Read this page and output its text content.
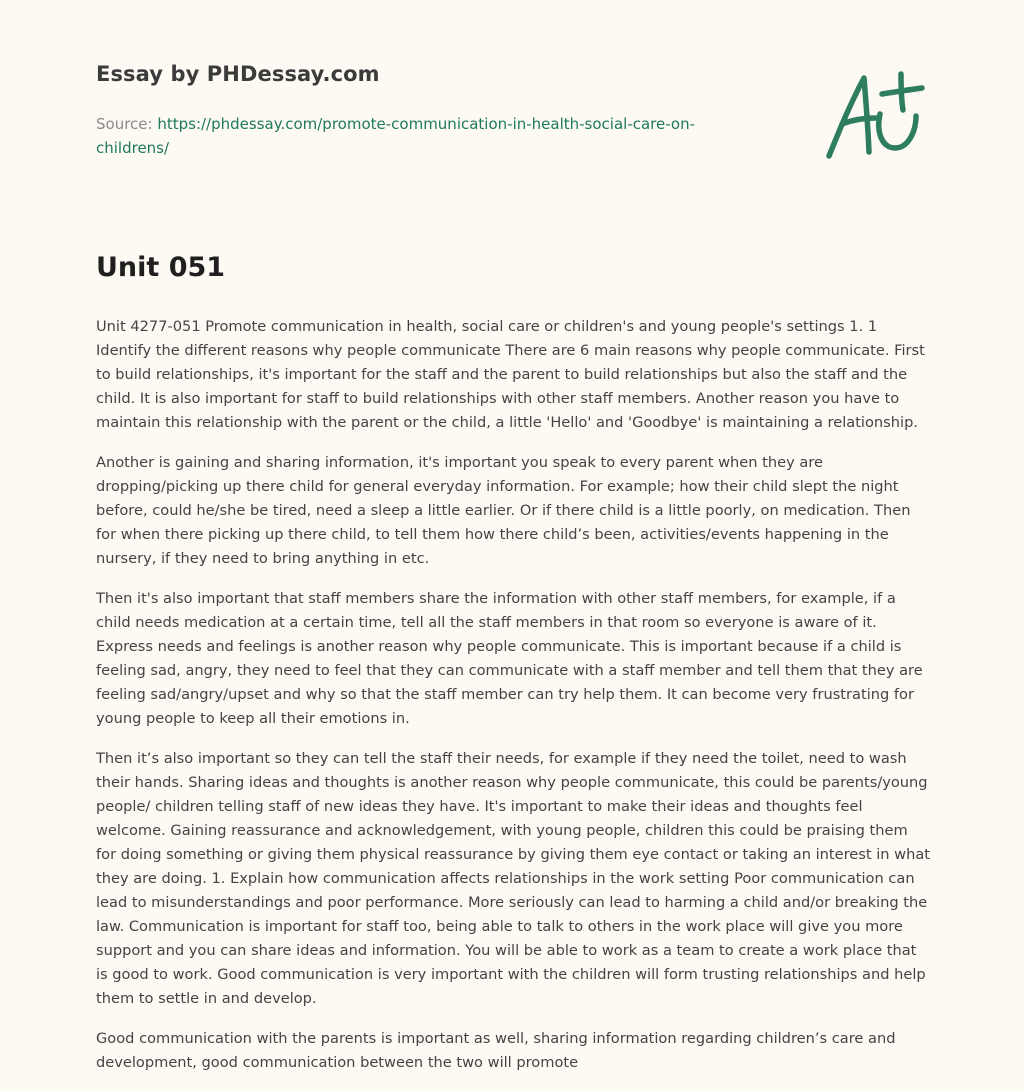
Essay by PHDessay.com

Source: https://phdessay.com/promote-communication-in-health-social-care-on-childrens/

Unit 051

Unit 4277-051 Promote communication in health, social care or children's and young people's settings 1. 1 Identify the different reasons why people communicate There are 6 main reasons why people communicate. First to build relationships, it's important for the staff and the parent to build relationships but also the staff and the child. It is also important for staff to build relationships with other staff members. Another reason you have to maintain this relationship with the parent or the child, a little 'Hello' and 'Goodbye' is maintaining a relationship.

Another is gaining and sharing information, it's important you speak to every parent when they are dropping/picking up there child for general everyday information. For example; how their child slept the night before, could he/she be tired, need a sleep a little earlier. Or if there child is a little poorly, on medication. Then for when there picking up there child, to tell them how there child’s been, activities/events happening in the nursery, if they need to bring anything in etc.

Then it's also important that staff members share the information with other staff members, for example, if a child needs medication at a certain time, tell all the staff members in that room so everyone is aware of it. Express needs and feelings is another reason why people communicate. This is important because if a child is feeling sad, angry, they need to feel that they can communicate with a staff member and tell them that they are feeling sad/angry/upset and why so that the staff member can try help them. It can become very frustrating for young people to keep all their emotions in.

Then it’s also important so they can tell the staff their needs, for example if they need the toilet, need to wash their hands. Sharing ideas and thoughts is another reason why people communicate, this could be parents/young people/ children telling staff of new ideas they have. It's important to make their ideas and thoughts feel welcome. Gaining reassurance and acknowledgement, with young people, children this could be praising them for doing something or giving them physical reassurance by giving them eye contact or taking an interest in what they are doing. 1. Explain how communication affects relationships in the work setting Poor communication can lead to misunderstandings and poor performance. More seriously can lead to harming a child and/or breaking the law. Communication is important for staff too, being able to talk to others in the work place will give you more support and you can share ideas and information. You will be able to work as a team to create a work place that is good to work. Good communication is very important with the children will form trusting relationships and help them to settle in and develop.

Good communication with the parents is important as well, sharing information regarding children’s care and development, good communication between the two will promote
